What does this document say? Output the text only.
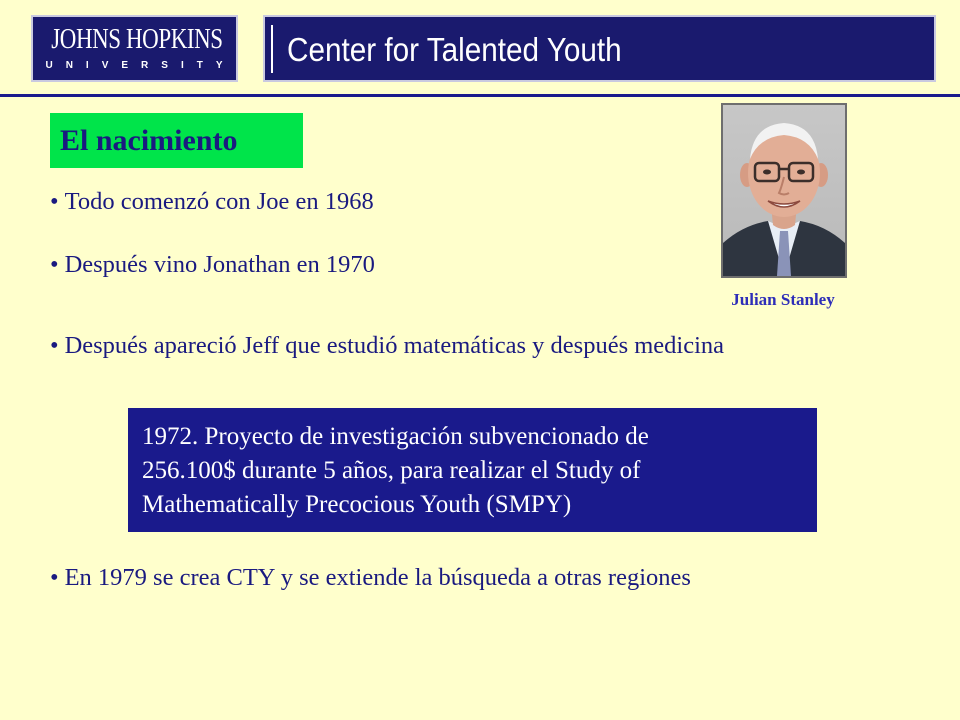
JOHNS HOPKINS
UNIVERSITY Center for Talented Youth
El nacimiento
• Todo comenzó con Joe en 1968
• Después vino Jonathan en 1970
• Después apareció Jeff que estudió matemáticas y después medicina
• En 1979 se crea CTY y se extiende la búsqueda a otras regiones
Julian Stanley
1972. Proyecto de investigación subvencionado de
256.100$ durante 5 años, para realizar el Study of
Mathematically Precocious Youth (SMPY)
